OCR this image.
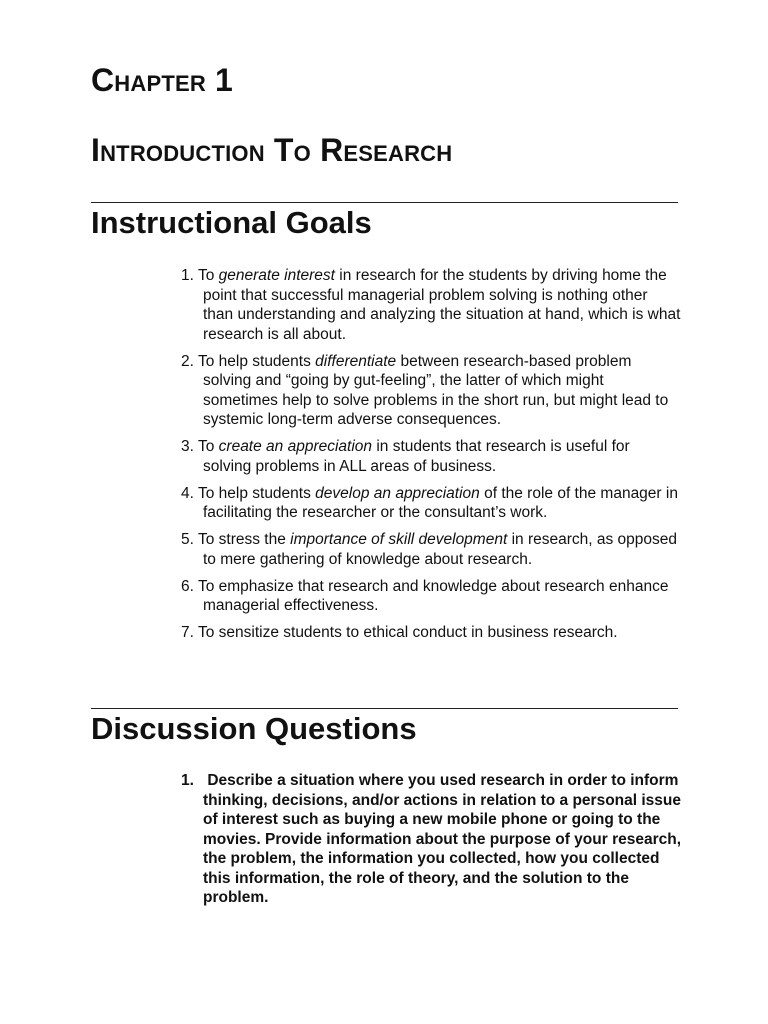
Chapter 1
Introduction To Research
Instructional Goals
1. To generate interest in research for the students by driving home the point that successful managerial problem solving is nothing other than understanding and analyzing the situation at hand, which is what research is all about.
2. To help students differentiate between research-based problem solving and “going by gut-feeling”, the latter of which might sometimes help to solve problems in the short run, but might lead to systemic long-term adverse consequences.
3. To create an appreciation in students that research is useful for solving problems in ALL areas of business.
4. To help students develop an appreciation of the role of the manager in facilitating the researcher or the consultant’s work.
5. To stress the importance of skill development in research, as opposed to mere gathering of knowledge about research.
6. To emphasize that research and knowledge about research enhance managerial effectiveness.
7. To sensitize students to ethical conduct in business research.
Discussion Questions
1. Describe a situation where you used research in order to inform thinking, decisions, and/or actions in relation to a personal issue of interest such as buying a new mobile phone or going to the movies. Provide information about the purpose of your research, the problem, the information you collected, how you collected this information, the role of theory, and the solution to the problem.
